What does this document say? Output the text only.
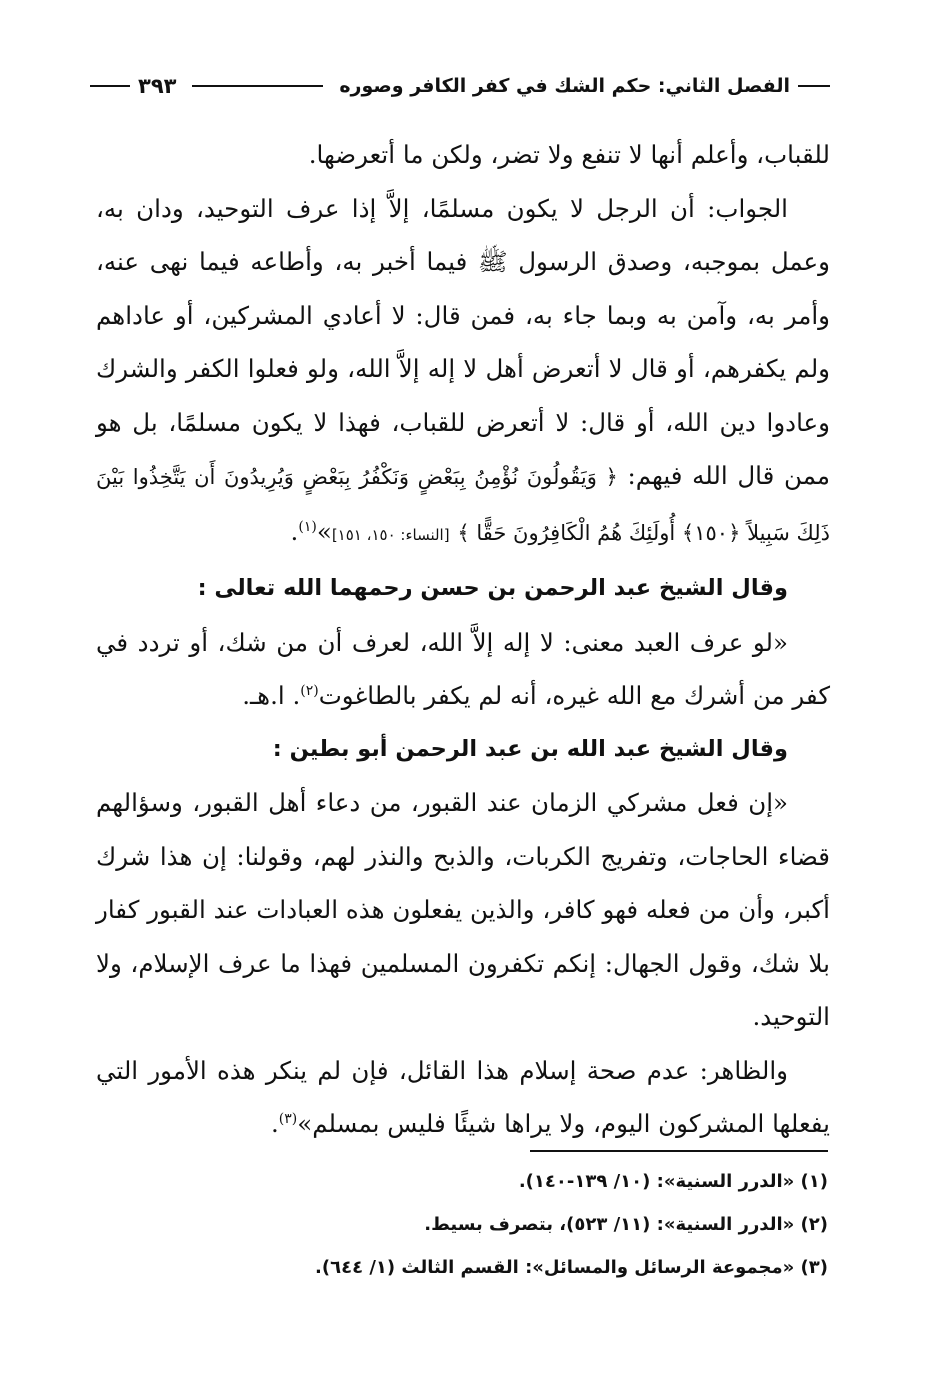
الفصل الثاني: حكم الشك في كفر الكافر وصوره
٣٩٣

للقباب، وأعلم أنها لا تنفع ولا تضر، ولكن ما أتعرضها.

الجواب: أن الرجل لا يكون مسلمًا، إلاَّ إذا عرف التوحيد، ودان به، وعمل بموجبه، وصدق الرسول ﷺ فيما أخبر به، وأطاعه فيما نهى عنه، وأمر به، وآمن به وبما جاء به، فمن قال: لا أعادي المشركين، أو عاداهم ولم يكفرهم، أو قال لا أتعرض أهل لا إله إلاَّ الله، ولو فعلوا الكفر والشرك وعادوا دين الله، أو قال: لا أتعرض للقباب، فهذا لا يكون مسلمًا، بل هو ممن قال الله فيهم: ﴿ وَيَقُولُونَ نُؤْمِنُ بِبَعْضٍ وَنَكْفُرُ بِبَعْضٍ وَيُرِيدُونَ أَن يَتَّخِذُوا بَيْنَ ذَلِكَ سَبِيلاً ﴿١٥٠﴾ أُولَئِكَ هُمُ الْكَافِرُونَ حَقًّا ﴾ [النساء: ١٥٠، ١٥١]»$^{(١)}$.

وقال الشيخ عبد الرحمن بن حسن رحمهما الله تعالى :

«لو عرف العبد معنى: لا إله إلاَّ الله، لعرف أن من شك، أو تردد في كفر من أشرك مع الله غيره، أنه لم يكفر بالطاغوت$^{(٢)}$. ا.هـ.

وقال الشيخ عبد الله بن عبد الرحمن أبو بطين :

«إن فعل مشركي الزمان عند القبور، من دعاء أهل القبور، وسؤالهم قضاء الحاجات، وتفريج الكربات، والذبح والنذر لهم، وقولنا: إن هذا شرك أكبر، وأن من فعله فهو كافر، والذين يفعلون هذه العبادات عند القبور كفار بلا شك، وقول الجهال: إنكم تكفرون المسلمين فهذا ما عرف الإسلام، ولا التوحيد.

والظاهر: عدم صحة إسلام هذا القائل، فإن لم ينكر هذه الأمور التي يفعلها المشركون اليوم، ولا يراها شيئًا فليس بمسلم»$^{(٣)}$.

(١) «الدرر السنية»: (١٠/ ١٣٩-١٤٠).
(٢) «الدرر السنية»: (١١/ ٥٢٣)، بتصرف بسيط.
(٣) «مجموعة الرسائل والمسائل»: القسم الثالث (١/ ٦٤٤).
